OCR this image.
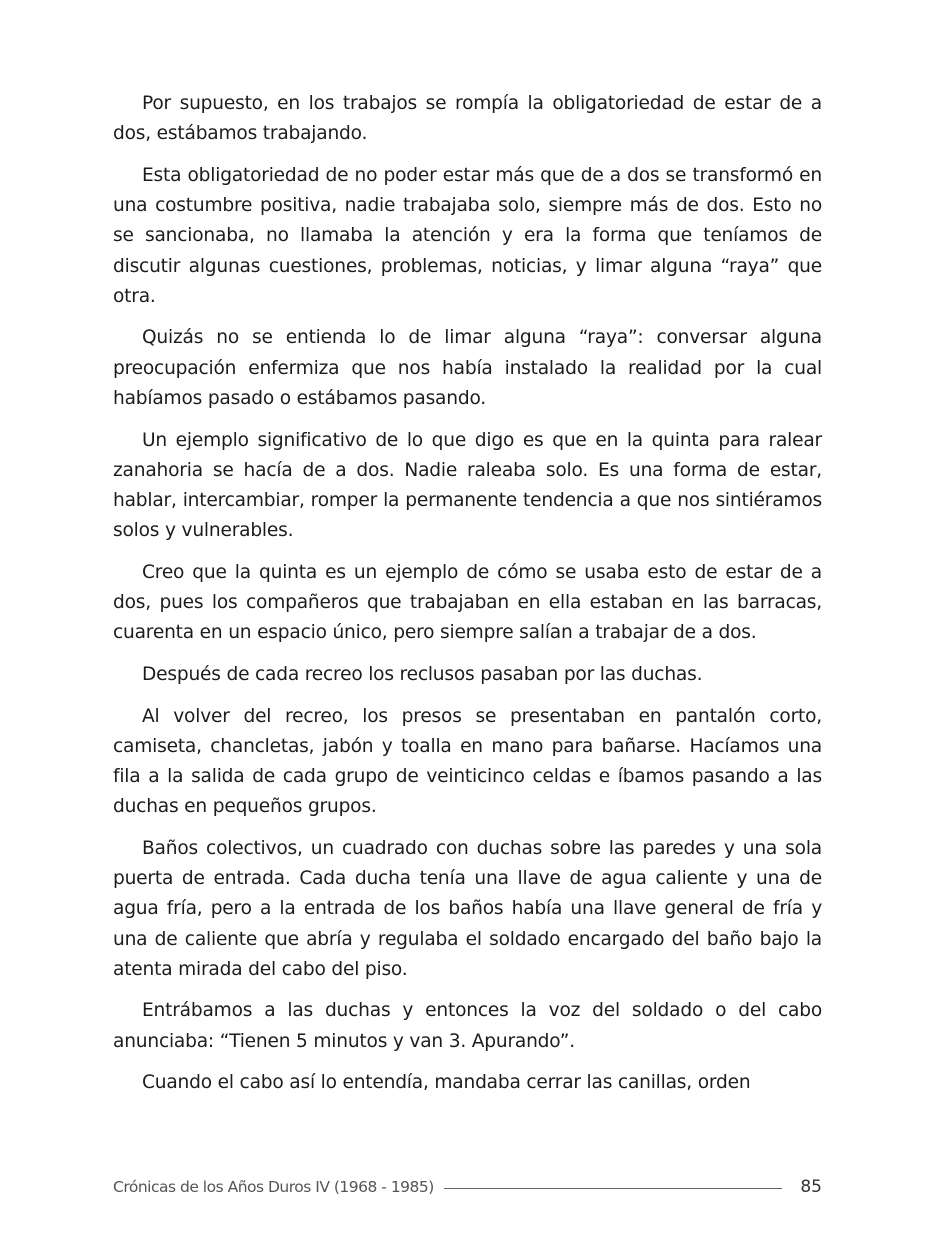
Por supuesto, en los trabajos se rompía la obligatoriedad de estar de a dos, estábamos trabajando.

Esta obligatoriedad de no poder estar más que de a dos se transformó en una costumbre positiva, nadie trabajaba solo, siempre más de dos. Esto no se sancionaba, no llamaba la atención y era la forma que teníamos de discutir algunas cuestiones, problemas, noticias, y limar alguna “raya” que otra.

Quizás no se entienda lo de limar alguna “raya”: conversar alguna preocupación enfermiza que nos había instalado la realidad por la cual habíamos pasado o estábamos pasando.

Un ejemplo significativo de lo que digo es que en la quinta para ralear zanahoria se hacía de a dos. Nadie raleaba solo. Es una forma de estar, hablar, intercambiar, romper la permanente tendencia a que nos sintiéramos solos y vulnerables.

Creo que la quinta es un ejemplo de cómo se usaba esto de estar de a dos, pues los compañeros que trabajaban en ella estaban en las barracas, cuarenta en un espacio único, pero siempre salían a trabajar de a dos.

Después de cada recreo los reclusos pasaban por las duchas.

Al volver del recreo, los presos se presentaban en pantalón corto, camiseta, chancletas, jabón y toalla en mano para bañarse. Hacíamos una fila a la salida de cada grupo de veinticinco celdas e íbamos pasando a las duchas en pequeños grupos.

Baños colectivos, un cuadrado con duchas sobre las paredes y una sola puerta de entrada. Cada ducha tenía una llave de agua caliente y una de agua fría, pero a la entrada de los baños había una llave general de fría y una de caliente que abría y regulaba el soldado encargado del baño bajo la atenta mirada del cabo del piso.

Entrábamos a las duchas y entonces la voz del soldado o del cabo anunciaba: “Tienen 5 minutos y van 3. Apurando”.

Cuando el cabo así lo entendía, mandaba cerrar las canillas, orden

Crónicas de los Años Duros IV (1968 - 1985)	85
